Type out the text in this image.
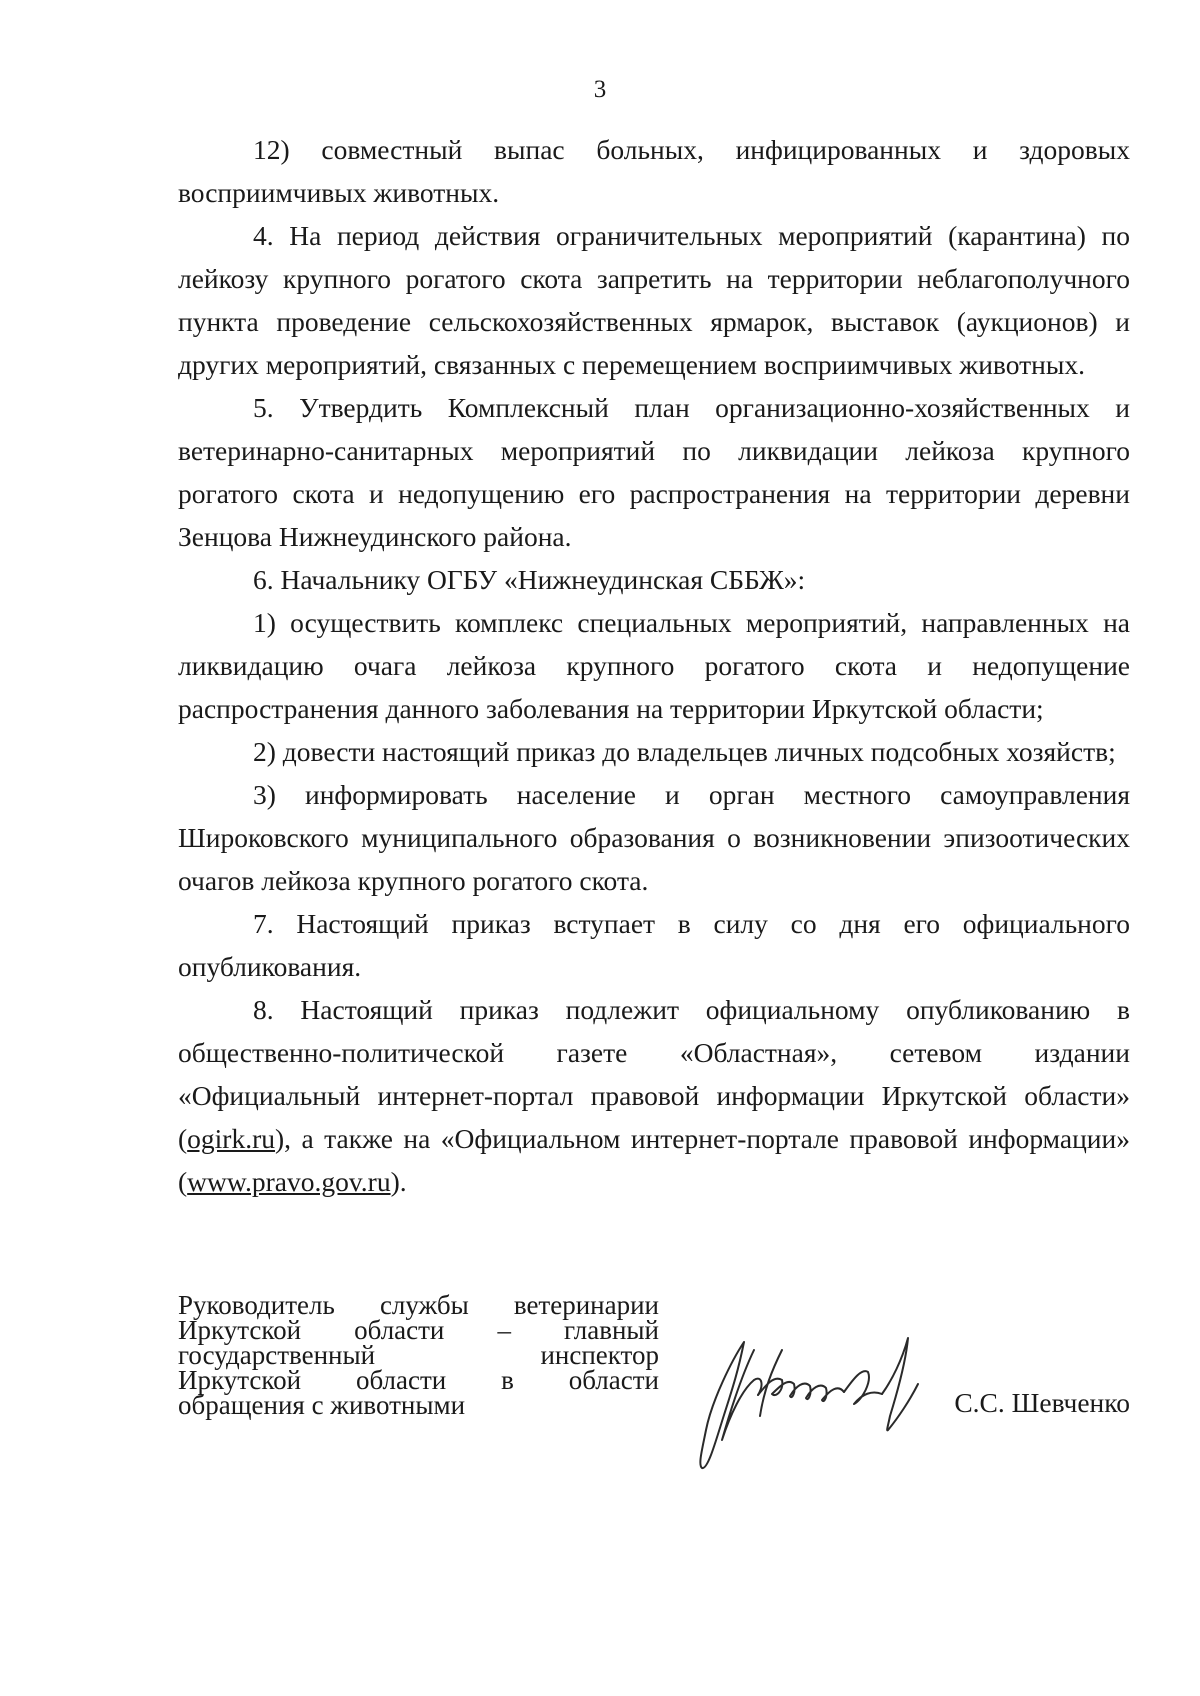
3

12) совместный выпас больных, инфицированных и здоровых восприимчивых животных.

4. На период действия ограничительных мероприятий (карантина) по лейкозу крупного рогатого скота запретить на территории неблагополучного пункта проведение сельскохозяйственных ярмарок, выставок (аукционов) и других мероприятий, связанных с перемещением восприимчивых животных.

5. Утвердить Комплексный план организационно-хозяйственных и ветеринарно-санитарных мероприятий по ликвидации лейкоза крупного рогатого скота и недопущению его распространения на территории деревни Зенцова Нижнеудинского района.

6. Начальнику ОГБУ «Нижнеудинская СББЖ»:

1) осуществить комплекс специальных мероприятий, направленных на ликвидацию очага лейкоза крупного рогатого скота и недопущение распространения данного заболевания на территории Иркутской области;

2) довести настоящий приказ до владельцев личных подсобных хозяйств;

3) информировать население и орган местного самоуправления Широковского муниципального образования о возникновении эпизоотических очагов лейкоза крупного рогатого скота.

7. Настоящий приказ вступает в силу со дня его официального опубликования.

8. Настоящий приказ подлежит официальному опубликованию в общественно-политической газете «Областная», сетевом издании «Официальный интернет-портал правовой информации Иркутской области» (ogirk.ru), а также на «Официальном интернет-портале правовой информации» (www.pravo.gov.ru).

Руководитель службы ветеринарии
Иркутской области – главный
государственный инспектор
Иркутской области в области
обращения с животными	С.С. Шевченко
